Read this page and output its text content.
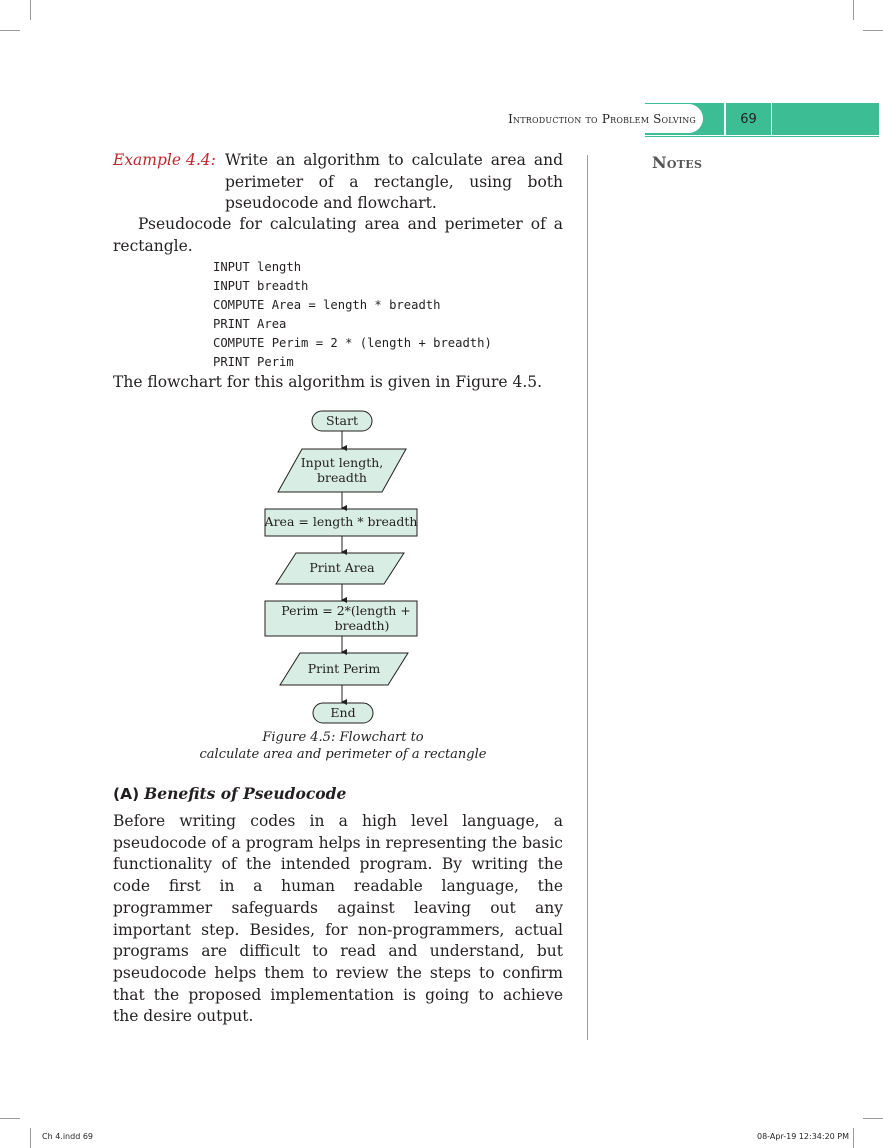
Introduction to Problem Solving	69
Notes
Example 4.4: Write an algorithm to calculate area and perimeter of a rectangle, using both pseudocode and flowchart.
Pseudocode for calculating area and perimeter of a rectangle.
INPUT length
INPUT breadth
COMPUTE Area = length * breadth
PRINT Area
COMPUTE Perim = 2 * (length + breadth)
PRINT Perim
The flowchart for this algorithm is given in Figure 4.5.
Start
Input length,
breadth
Area = length * breadth
Print Area
Perim = 2*(length +
breadth)
Print Perim
End
Figure 4.5: Flowchart to
calculate area and perimeter of a rectangle
(A) Benefits of Pseudocode
Before writing codes in a high level language, a pseudocode of a program helps in representing the basic functionality of the intended program. By writing the code first in a human readable language, the programmer safeguards against leaving out any important step. Besides, for non-programmers, actual programs are difficult to read and understand, but pseudocode helps them to review the steps to confirm that the proposed implementation is going to achieve the desire output.
Ch 4.indd 69	08-Apr-19 12:34:20 PM
